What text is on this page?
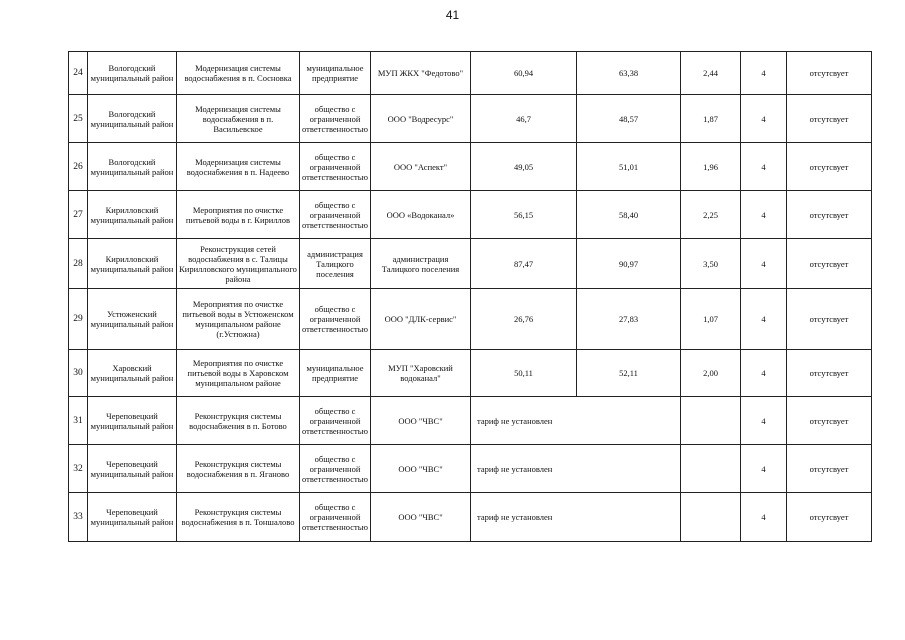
41
24	Вологодский муниципальный район	Модернизация системы водоснабжения в п. Сосновка	муниципальное предприятие	МУП ЖКХ "Федотово"	60,94	63,38	2,44	4	отсутсвует
25	Вологодский муниципальный район	Модернизация системы водоснабжения в п. Васильевское	общество с ограниченной ответственностью	ООО "Водресурс"	46,7	48,57	1,87	4	отсутсвует
26	Вологодский муниципальный район	Модернизация системы водоснабжения в п. Надеево	общество с ограниченной ответственностью	ООО "Аспект"	49,05	51,01	1,96	4	отсутсвует
27	Кирилловский муниципальный район	Мероприятия по очистке питьевой воды в г. Кириллов	общество с ограниченной ответственностью	ООО «Водоканал»	56,15	58,40	2,25	4	отсутсвует
28	Кирилловский муниципальный район	Реконструкция сетей водоснабжения в с. Талицы Кирилловского муниципального района	администрация Талицкого поселения	администрация Талицкого поселения	87,47	90,97	3,50	4	отсутсвует
29	Устюженский муниципальный район	Мероприятия по очистке питьевой воды в Устюженском муниципальном районе (г.Устюжна)	общество с ограниченной ответственностью	ООО "ДЛК-сервис"	26,76	27,83	1,07	4	отсутсвует
30	Харовский муниципальный район	Мероприятия по очистке питьевой воды в Харовском муниципальном районе	муниципальное предприятие	МУП "Харовский водоканал"	50,11	52,11	2,00	4	отсутсвует
31	Череповецкий муниципальный район	Реконструкция системы водоснабжения в п. Ботово	общество с ограниченной ответственностью	ООО "ЧВС"	тариф не установлен			4	отсутсвует
32	Череповецкий муниципальный район	Реконструкция системы водоснабжения в п. Яганово	общество с ограниченной ответственностью	ООО "ЧВС"	тариф не установлен			4	отсутсвует
33	Череповецкий муниципальный район	Реконструкция системы водоснабжения в п. Тоншалово	общество с ограниченной ответственностью	ООО "ЧВС"	тариф не установлен			4	отсутсвует
